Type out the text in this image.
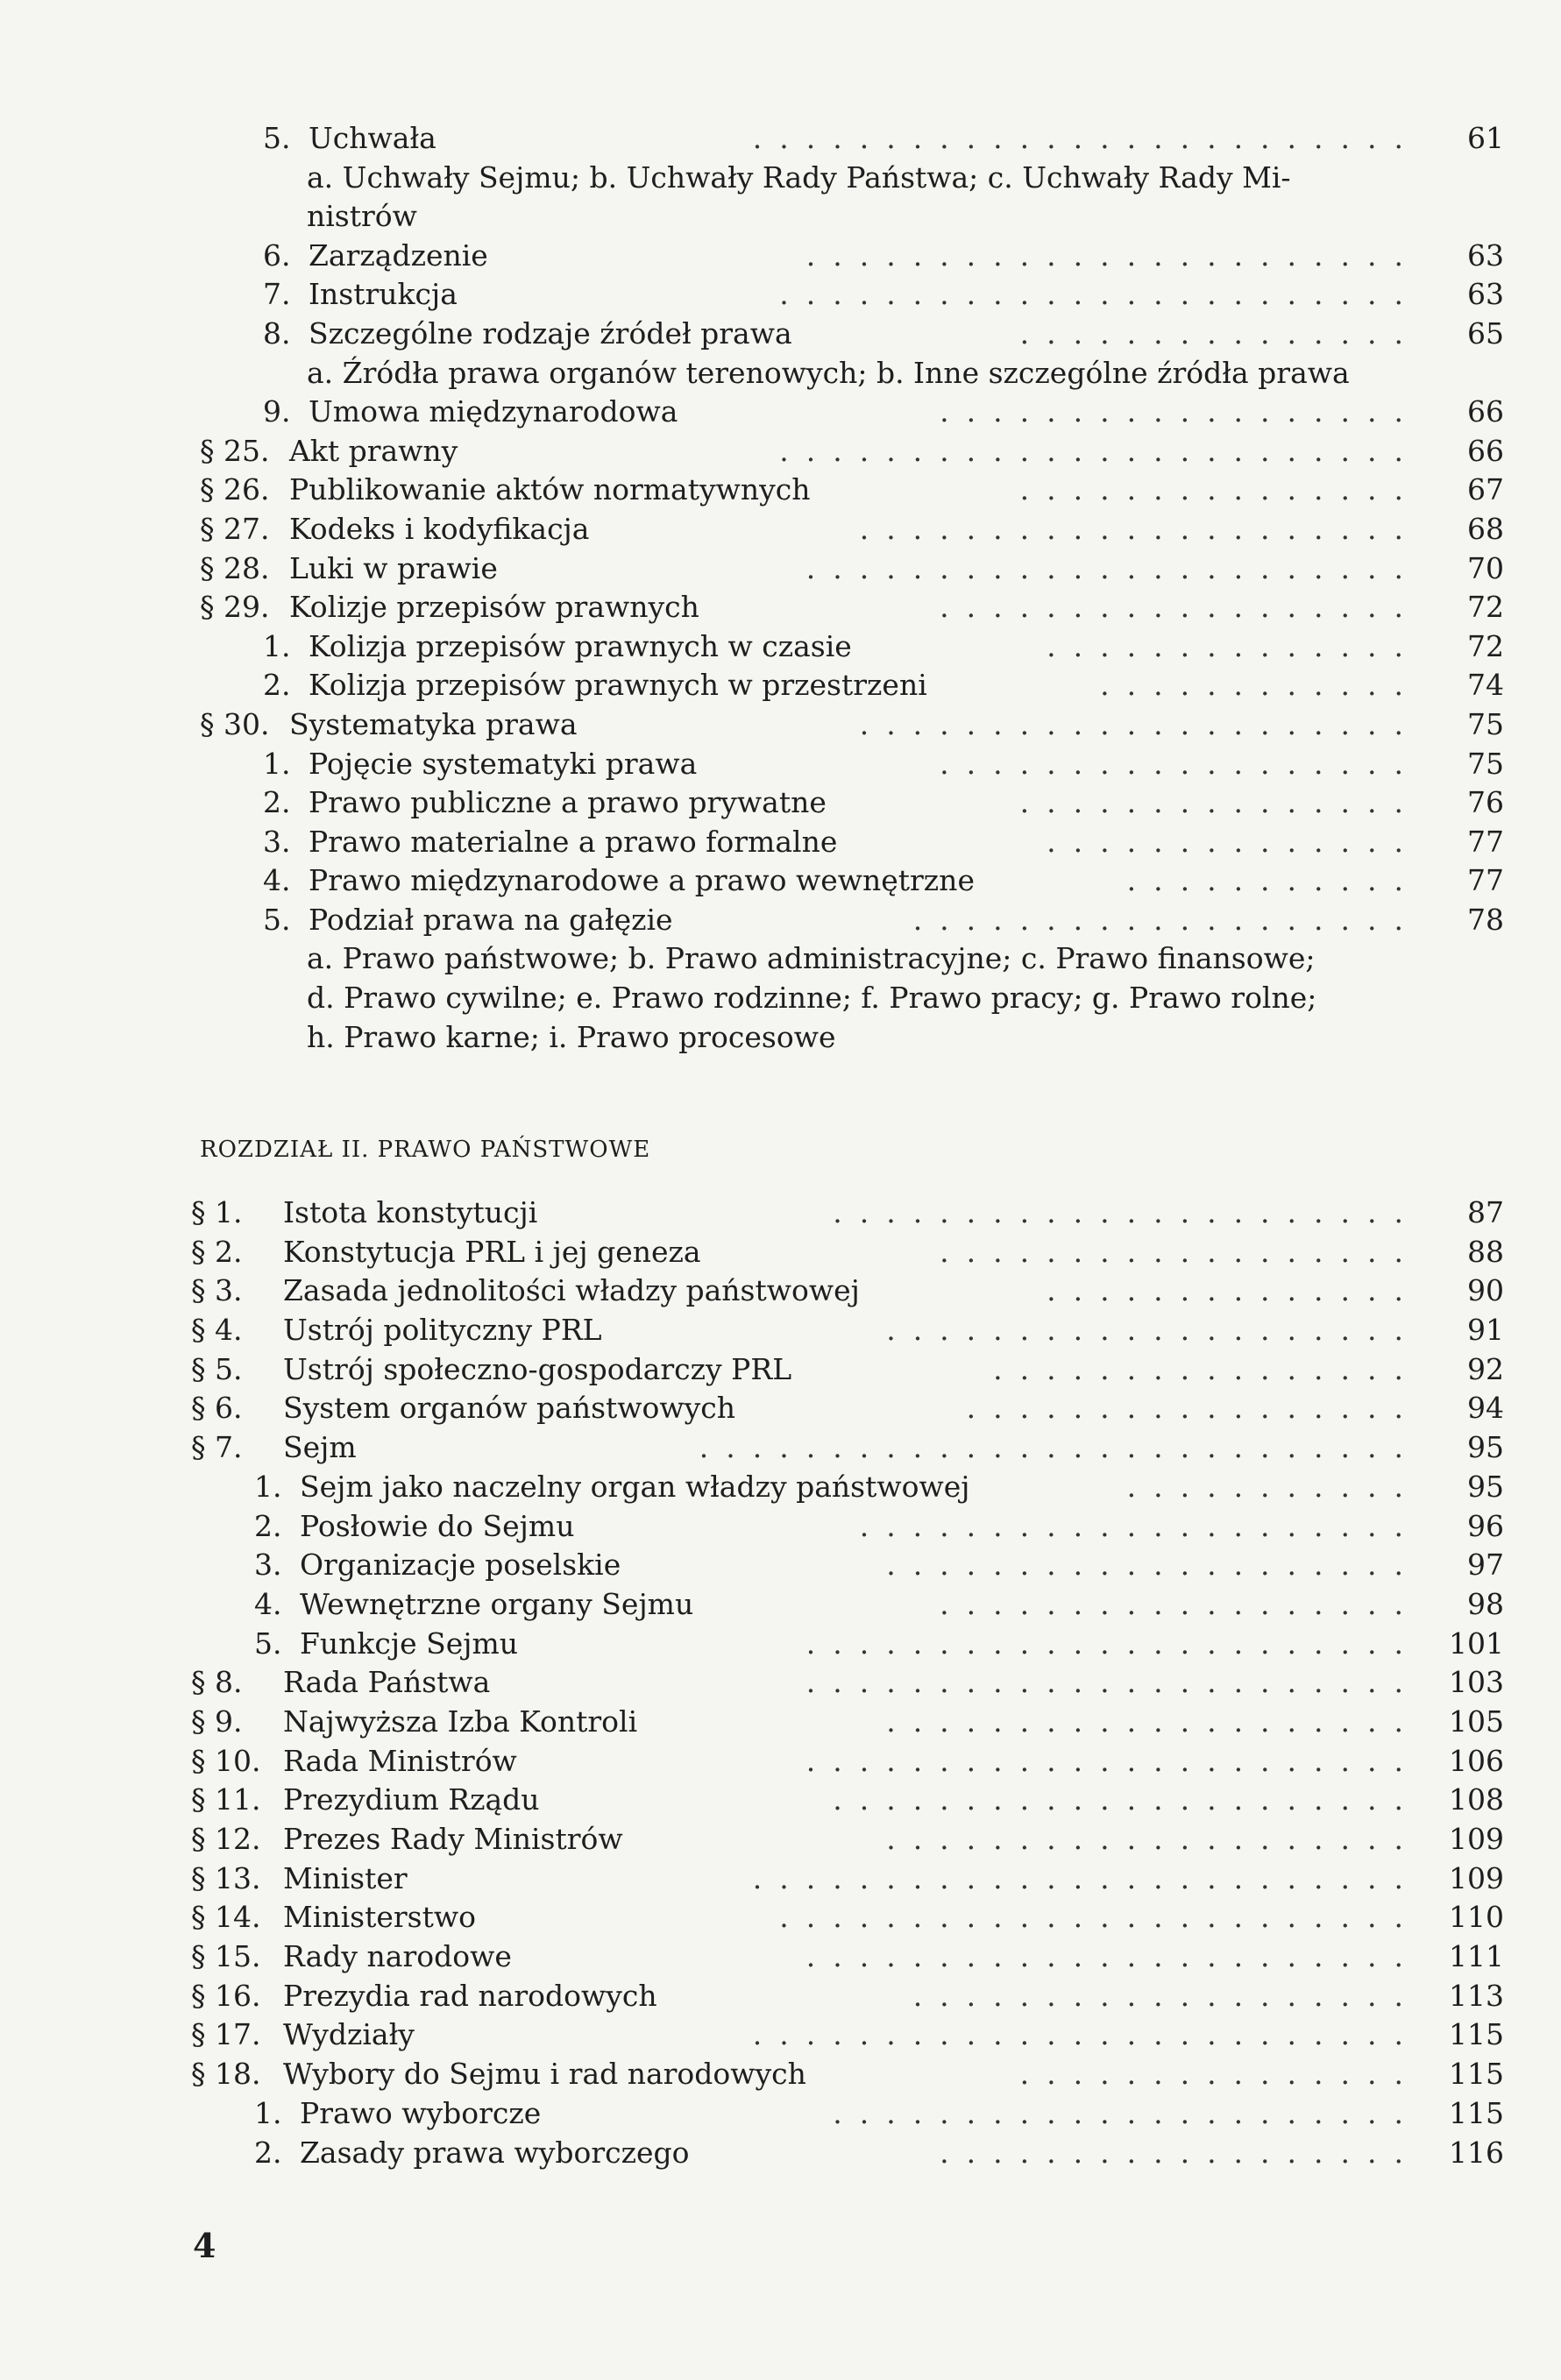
5. Uchwała	......................... 61
a. Uchwały Sejmu; b. Uchwały Rady Państwa; c. Uchwały Rady Mi-
nistrów
6. Zarządzenie	....................... 63
7. Instrukcja	........................ 63
8. Szczególne rodzaje źródeł prawa	............... 65
a. Źródła prawa organów terenowych; b. Inne szczególne źródła prawa
9. Umowa międzynarodowa	.................. 66
§ 25. Akt prawny	........................ 66
§ 26. Publikowanie aktów normatywnych	............... 67
§ 27. Kodeks i kodyfikacja	..................... 68
§ 28. Luki w prawie	....................... 70
§ 29. Kolizje przepisów prawnych	.................. 72
1. Kolizja przepisów prawnych w czasie	.............. 72
2. Kolizja przepisów prawnych w przestrzeni	............ 74
§ 30. Systematyka prawa	..................... 75
1. Pojęcie systematyki prawa	.................. 75
2. Prawo publiczne a prawo prywatne	............... 76
3. Prawo materialne a prawo formalne	.............. 77
4. Prawo międzynarodowe a prawo wewnętrzne	........... 77
5. Podział prawa na gałęzie	................... 78
a. Prawo państwowe; b. Prawo administracyjne; c. Prawo finansowe;
d. Prawo cywilne; e. Prawo rodzinne; f. Prawo pracy; g. Prawo rolne;
h. Prawo karne; i. Prawo procesowe
ROZDZIAŁ II. PRAWO PAŃSTWOWE
§ 1. Istota konstytucji	...................... 87
§ 2. Konstytucja PRL i jej geneza	.................. 88
§ 3. Zasada jednolitości władzy państwowej	.............. 90
§ 4. Ustrój polityczny PRL	.................... 91
§ 5. Ustrój społeczno-gospodarczy PRL	................ 92
§ 6. System organów państwowych	................. 94
§ 7. Sejm	........................... 95
1. Sejm jako naczelny organ władzy państwowej	........... 95
2. Posłowie do Sejmu	..................... 96
3. Organizacje poselskie	.................... 97
4. Wewnętrzne organy Sejmu	.................. 98
5. Funkcje Sejmu	....................... 101
§ 8. Rada Państwa	....................... 103
§ 9. Najwyższa Izba Kontroli	.................... 105
§ 10. Rada Ministrów	....................... 106
§ 11. Prezydium Rządu	...................... 108
§ 12. Prezes Rady Ministrów	.................... 109
§ 13. Minister	......................... 109
§ 14. Ministerstwo	........................ 110
§ 15. Rady narodowe	....................... 111
§ 16. Prezydia rad narodowych	................... 113
§ 17. Wydziały	......................... 115
§ 18. Wybory do Sejmu i rad narodowych	............... 115
1. Prawo wyborcze	...................... 115
2. Zasady prawa wyborczego	.................. 116
4
